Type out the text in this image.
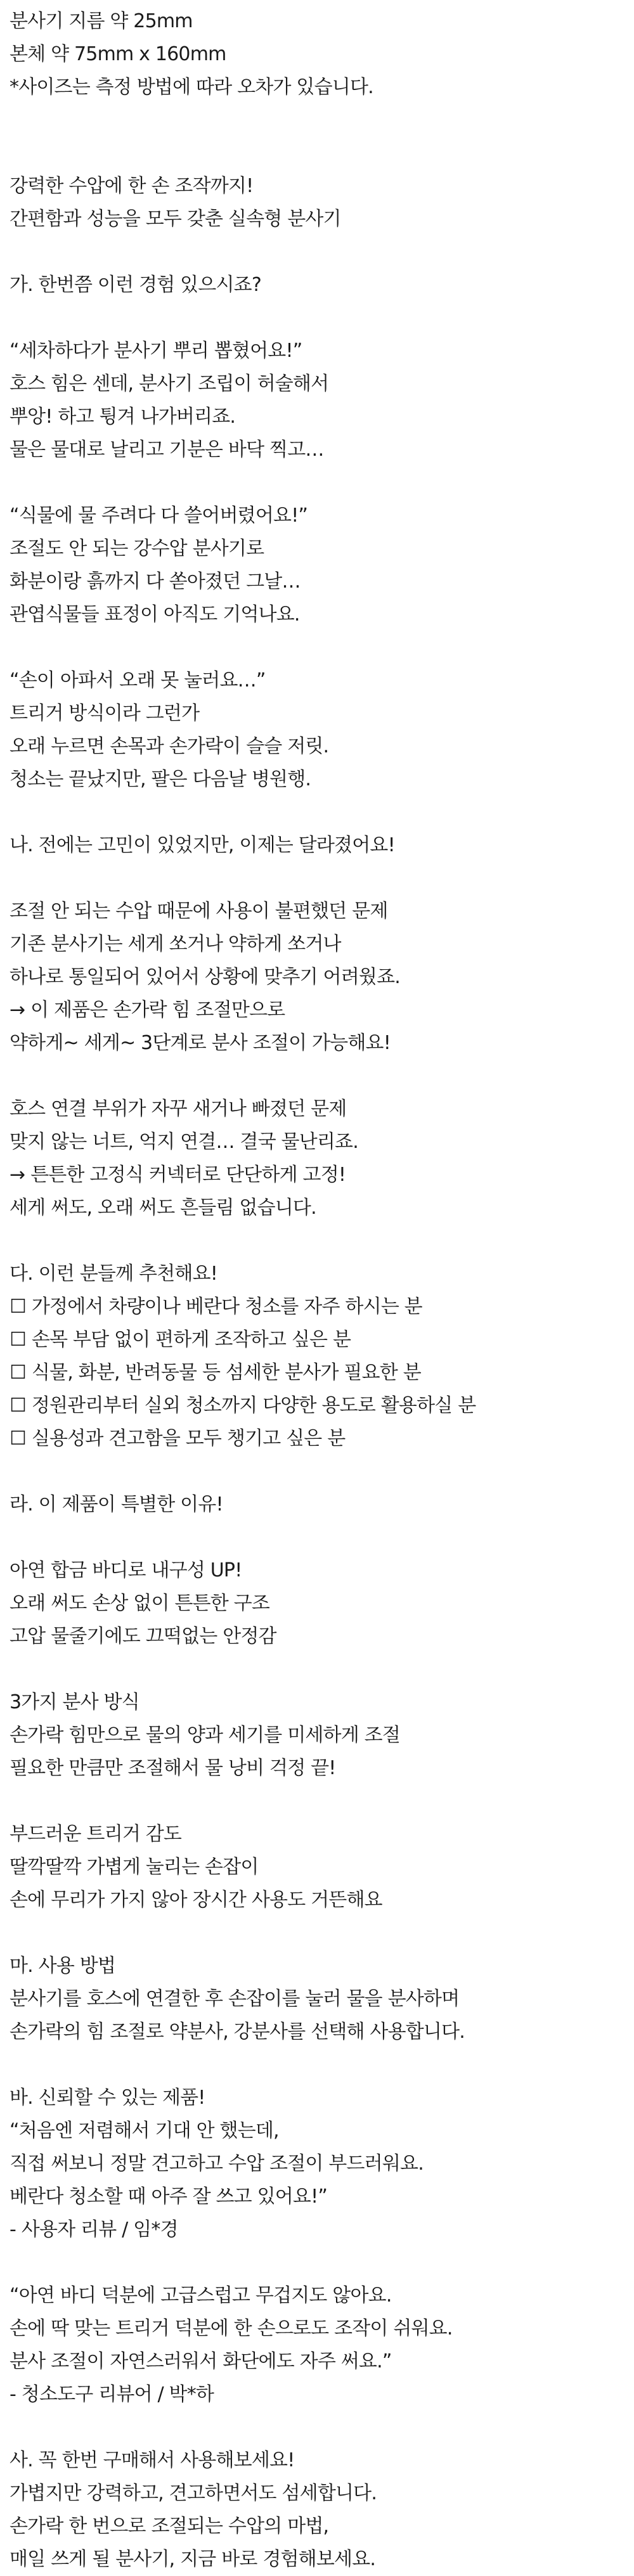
분사기 지름 약 25mm
본체 약 75mm x 160mm
*사이즈는 측정 방법에 따라 오차가 있습니다.
강력한 수압에 한 손 조작까지!
간편함과 성능을 모두 갖춘 실속형 분사기
가. 한번쯤 이런 경험 있으시죠?
“세차하다가 분사기 뿌리 뽑혔어요!”
호스 힘은 센데, 분사기 조립이 허술해서
뿌앙! 하고 튕겨 나가버리죠.
물은 물대로 날리고 기분은 바닥 찍고…
“식물에 물 주려다 다 쓸어버렸어요!”
조절도 안 되는 강수압 분사기로
화분이랑 흙까지 다 쏟아졌던 그날…
관엽식물들 표정이 아직도 기억나요.
“손이 아파서 오래 못 눌러요…”
트리거 방식이라 그런가
오래 누르면 손목과 손가락이 슬슬 저릿.
청소는 끝났지만, 팔은 다음날 병원행.
나. 전에는 고민이 있었지만, 이제는 달라졌어요!
조절 안 되는 수압 때문에 사용이 불편했던 문제
기존 분사기는 세게 쏘거나 약하게 쏘거나
하나로 통일되어 있어서 상황에 맞추기 어려웠죠.
→ 이 제품은 손가락 힘 조절만으로
약하게~ 세게~ 3단계로 분사 조절이 가능해요!
호스 연결 부위가 자꾸 새거나 빠졌던 문제
맞지 않는 너트, 억지 연결… 결국 물난리죠.
→ 튼튼한 고정식 커넥터로 단단하게 고정!
세게 써도, 오래 써도 흔들림 없습니다.
다. 이런 분들께 추천해요!
☐ 가정에서 차량이나 베란다 청소를 자주 하시는 분
☐ 손목 부담 없이 편하게 조작하고 싶은 분
☐ 식물, 화분, 반려동물 등 섬세한 분사가 필요한 분
☐ 정원관리부터 실외 청소까지 다양한 용도로 활용하실 분
☐ 실용성과 견고함을 모두 챙기고 싶은 분
라. 이 제품이 특별한 이유!
아연 합금 바디로 내구성 UP!
오래 써도 손상 없이 튼튼한 구조
고압 물줄기에도 끄떡없는 안정감
3가지 분사 방식
손가락 힘만으로 물의 양과 세기를 미세하게 조절
필요한 만큼만 조절해서 물 낭비 걱정 끝!
부드러운 트리거 감도
딸깍딸깍 가볍게 눌리는 손잡이
손에 무리가 가지 않아 장시간 사용도 거뜬해요
마. 사용 방법
분사기를 호스에 연결한 후 손잡이를 눌러 물을 분사하며
손가락의 힘 조절로 약분사, 강분사를 선택해 사용합니다.
바. 신뢰할 수 있는 제품!
“처음엔 저렴해서 기대 안 했는데,
직접 써보니 정말 견고하고 수압 조절이 부드러워요.
베란다 청소할 때 아주 잘 쓰고 있어요!”
- 사용자 리뷰 / 임*경
“아연 바디 덕분에 고급스럽고 무겁지도 않아요.
손에 딱 맞는 트리거 덕분에 한 손으로도 조작이 쉬워요.
분사 조절이 자연스러워서 화단에도 자주 써요.”
- 청소도구 리뷰어 / 박*하
사. 꼭 한번 구매해서 사용해보세요!
가볍지만 강력하고, 견고하면서도 섬세합니다.
손가락 한 번으로 조절되는 수압의 마법,
매일 쓰게 될 분사기, 지금 바로 경험해보세요.
